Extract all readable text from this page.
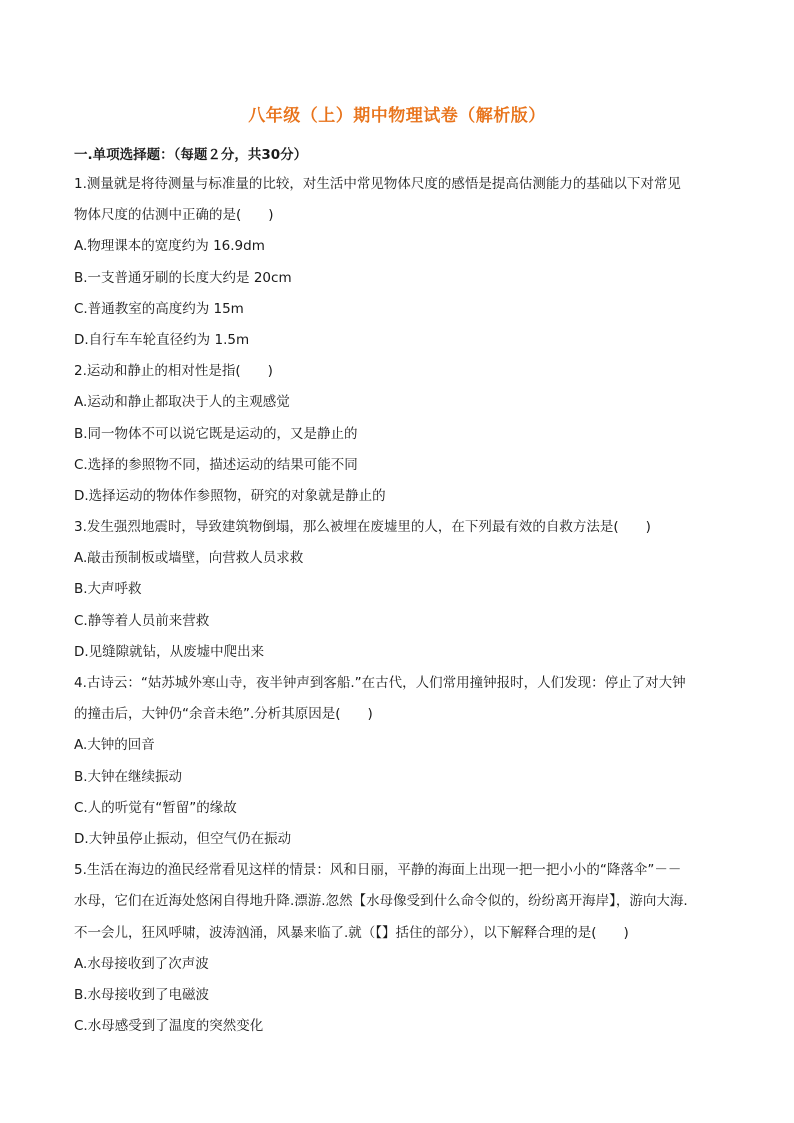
八年级（上）期中物理试卷（解析版）
一.单项选择题：（每题２分，共30分）
1.测量就是将待测量与标准量的比较，对生活中常见物体尺度的感悟是提高估测能力的基础以下对常见
物体尺度的估测中正确的是(　　)
A.物理课本的宽度约为 16.9dm
B.一支普通牙刷的长度大约是 20cm
C.普通教室的高度约为 15m
D.自行车车轮直径约为 1.5m
2.运动和静止的相对性是指(　　)
A.运动和静止都取决于人的主观感觉
B.同一物体不可以说它既是运动的，又是静止的
C.选择的参照物不同，描述运动的结果可能不同
D.选择运动的物体作参照物，研究的对象就是静止的
3.发生强烈地震时，导致建筑物倒塌，那么被埋在废墟里的人，在下列最有效的自救方法是(　　)
A.敲击预制板或墙壁，向营救人员求救
B.大声呼救
C.静等着人员前来营救
D.见缝隙就钻，从废墟中爬出来
4.古诗云：“姑苏城外寒山寺，夜半钟声到客船.”在古代，人们常用撞钟报时，人们发现：停止了对大钟
的撞击后，大钟仍“余音未绝”.分析其原因是(　　)
A.大钟的回音
B.大钟在继续振动
C.人的听觉有“暂留”的缘故
D.大钟虽停止振动，但空气仍在振动
5.生活在海边的渔民经常看见这样的情景：风和日丽，平静的海面上出现一把一把小小的“降落伞”－－
水母，它们在近海处悠闲自得地升降.漂游.忽然【水母像受到什么命令似的，纷纷离开海岸】，游向大海.
不一会儿，狂风呼啸，波涛汹涌，风暴来临了.就（【】括住的部分），以下解释合理的是(　　)
A.水母接收到了次声波
B.水母接收到了电磁波
C.水母感受到了温度的突然变化
